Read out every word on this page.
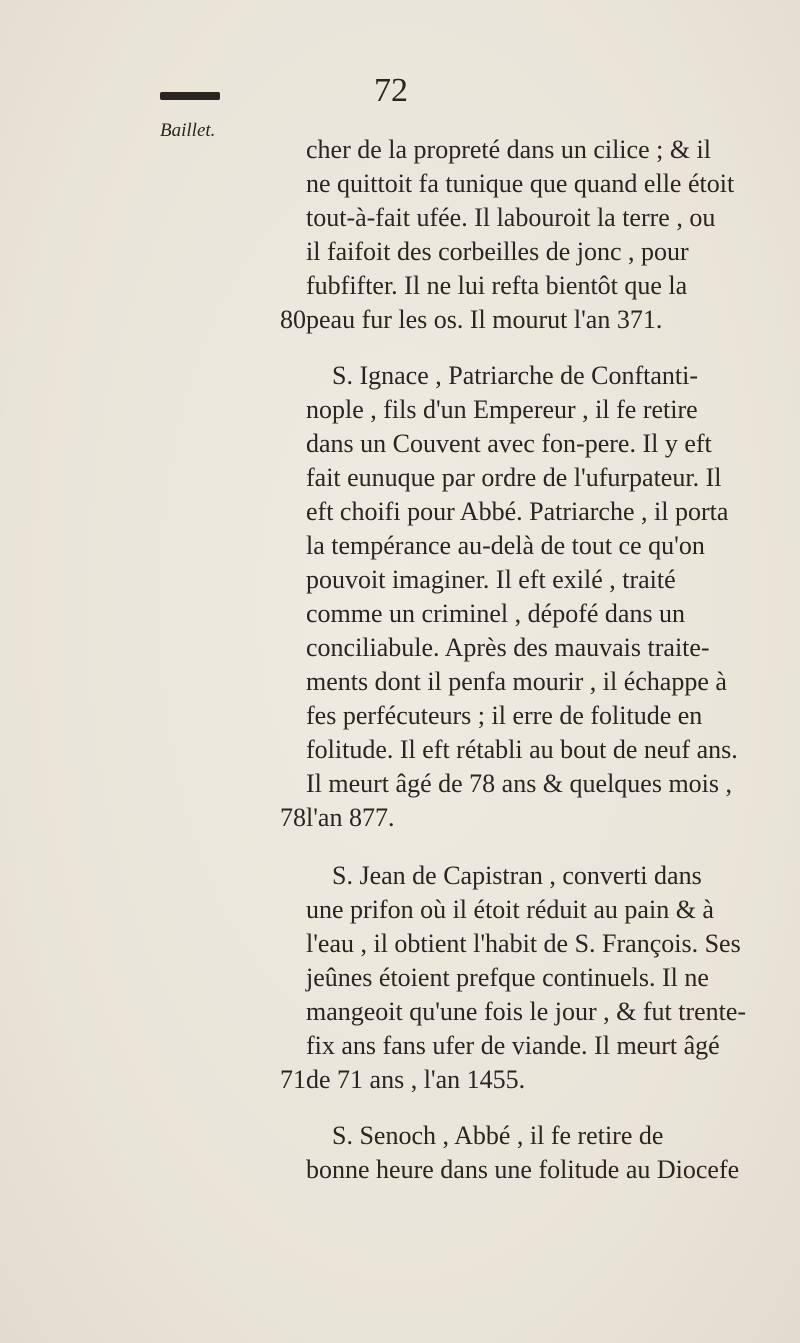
72
Baillet.
cher de la propreté dans un cilice ; & il
ne quittoit fa tunique que quand elle étoit
tout-à-fait ufée. Il labouroit la terre , ou
il faifoit des corbeilles de jonc , pour
fubfifter. Il ne lui refta bientôt que la
80 peau fur les os. Il mourut l'an 371.
S. Ignace , Patriarche de Conftanti-
nople , fils d'un Empereur , il fe retire
dans un Couvent avec fon-pere. Il y eft
fait eunuque par ordre de l'ufurpateur. Il
eft choifi pour Abbé. Patriarche , il porta
la tempérance au-delà de tout ce qu'on
pouvoit imaginer. Il eft exilé , traité
comme un criminel , dépofé dans un
conciliabule. Après des mauvais traite-
ments dont il penfa mourir , il échappe à
fes perfécuteurs ; il erre de folitude en
folitude. Il eft rétabli au bout de neuf ans.
Il meurt âgé de 78 ans & quelques mois ,
78 l'an 877.
S. Jean de Capistran , converti dans
une prifon où il étoit réduit au pain & à
l'eau , il obtient l'habit de S. François. Ses
jeûnes étoient prefque continuels. Il ne
mangeoit qu'une fois le jour , & fut trente-
fix ans fans ufer de viande. Il meurt âgé
71 de 71 ans , l'an 1455.
S. Senoch , Abbé , il fe retire de
bonne heure dans une folitude au Diocefe
